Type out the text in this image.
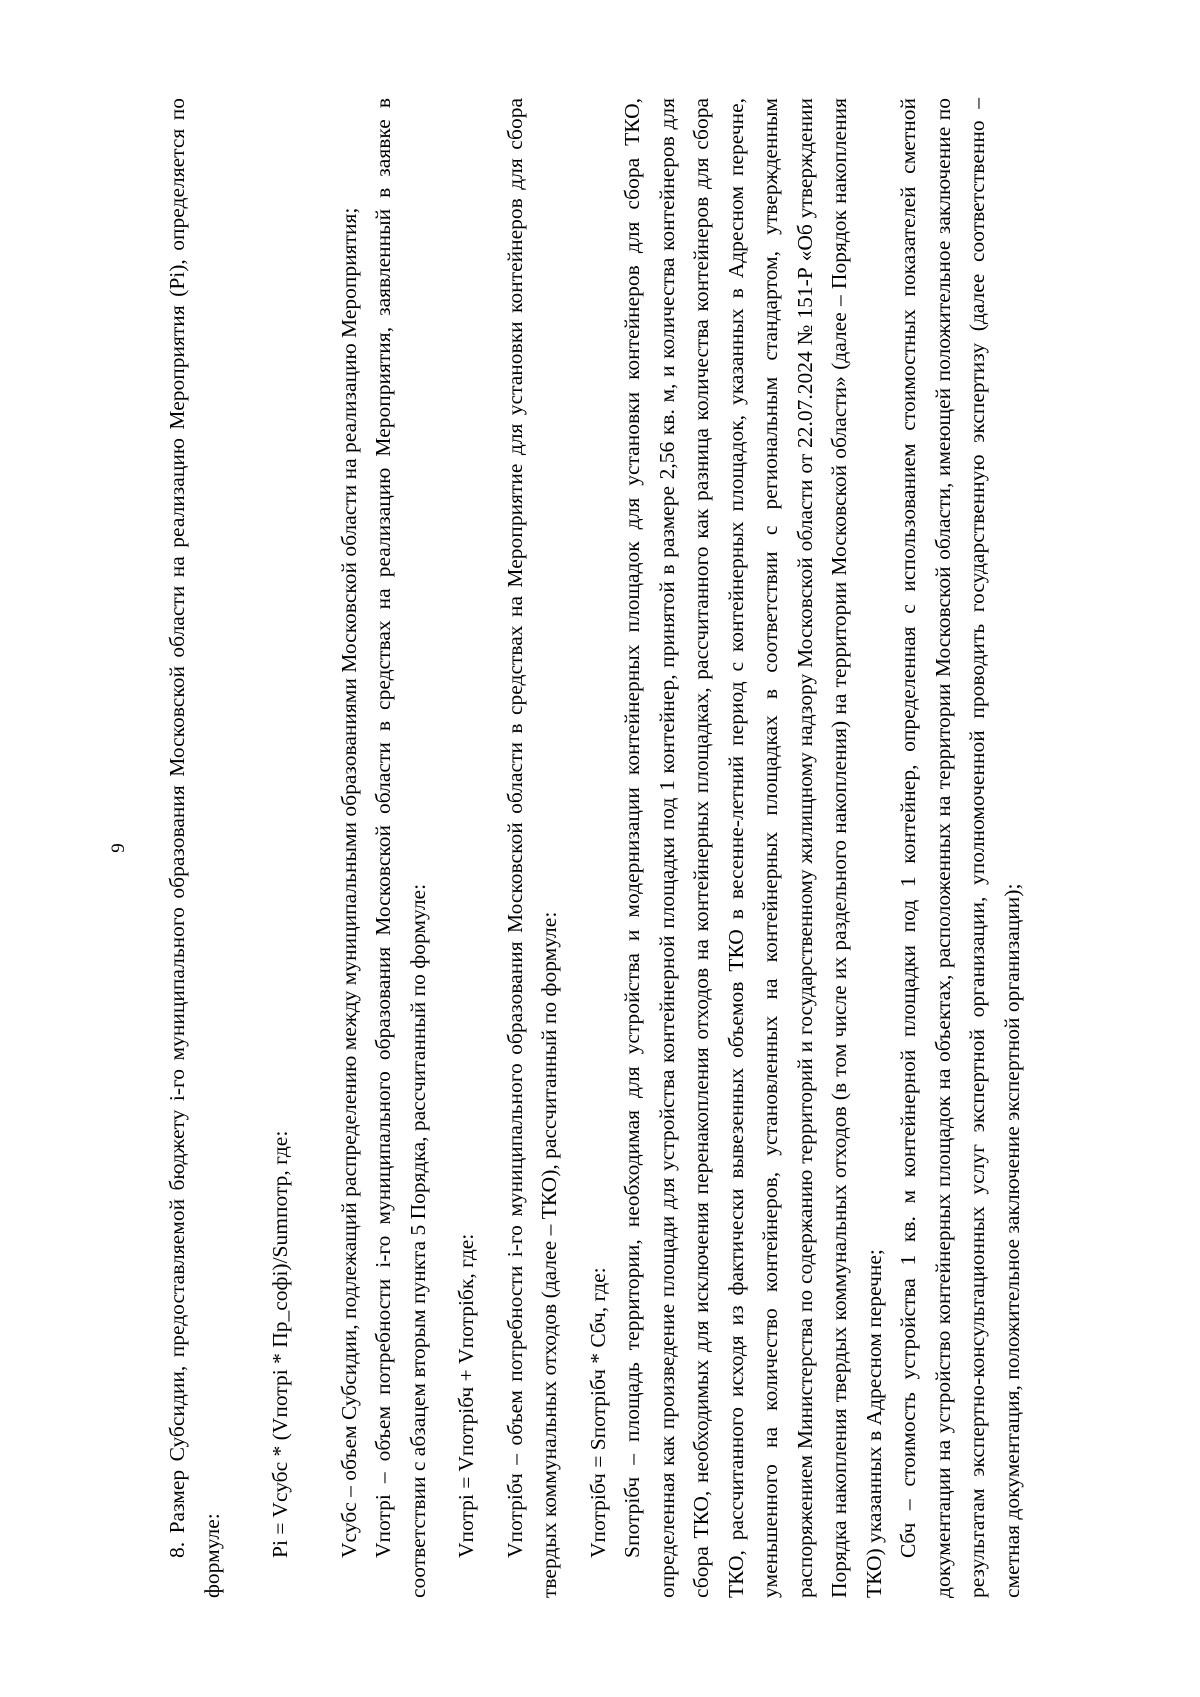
9	8. Размер Субсидии, предоставляемой бюджету i-го муниципального образования Московской области на реализацию Мероприятия (Pi), определяется по формуле: Pi = Vсубс * (Vпотрi * Пр_софi)/Sumпотр, где: Vсубс – объем Субсидии, подлежащий распределению между муниципальными образованиями Московской области на реализацию Мероприятия; Vпотрi – объем потребности i-го муниципального образования Московской области в средствах на реализацию Мероприятия, заявленный в заявке в соответствии с абзацем вторым пункта 5 Порядка, рассчитанный по формуле: Vпотрi = Vпотрiбч + Vпотрiбк, где: Vпотрiбч – объем потребности i-го муниципального образования Московской области в средствах на Мероприятие для установки контейнеров для сбора твердых коммунальных отходов (далее – ТКО), рассчитанный по формуле: Vпотрiбч = Sпотрiбч * Cбч, где: Sпотрiбч – площадь территории, необходимая для устройства и модернизации контейнерных площадок для установки контейнеров для сбора ТКО, определенная как произведение площади для устройства контейнерной площадки под 1 контейнер, принятой в размере 2,56 кв. м, и количества контейнеров для сбора ТКО, необходимых для исключения перенакопления отходов на контейнерных площадках, рассчитанного как разница количества контейнеров для сбора ТКО, рассчитанного исходя из фактически вывезенных объемов ТКО в весенне-летний период с контейнерных площадок, указанных в Адресном перечне, уменьшенного на количество контейнеров, установленных на контейнерных площадках в соответствии с региональным стандартом, утвержденным распоряжением Министерства по содержанию территорий и государственному жилищному надзору Московской области от 22.07.2024 № 151-Р «Об утверждении Порядка накопления твердых коммунальных отходов (в том числе их раздельного накопления) на территории Московской области» (далее – Порядок накопления ТКО) указанных в Адресном перечне; Cбч – стоимость устройства 1 кв. м контейнерной площадки под 1 контейнер, определенная с использованием стоимостных показателей сметной документации на устройство контейнерных площадок на объектах, расположенных на территории Московской области, имеющей положительное заключение по результатам экспертно-консультационных услуг экспертной организации, уполномоченной проводить государственную экспертизу (далее соответственно – сметная документация, положительное заключение экспертной организации);
